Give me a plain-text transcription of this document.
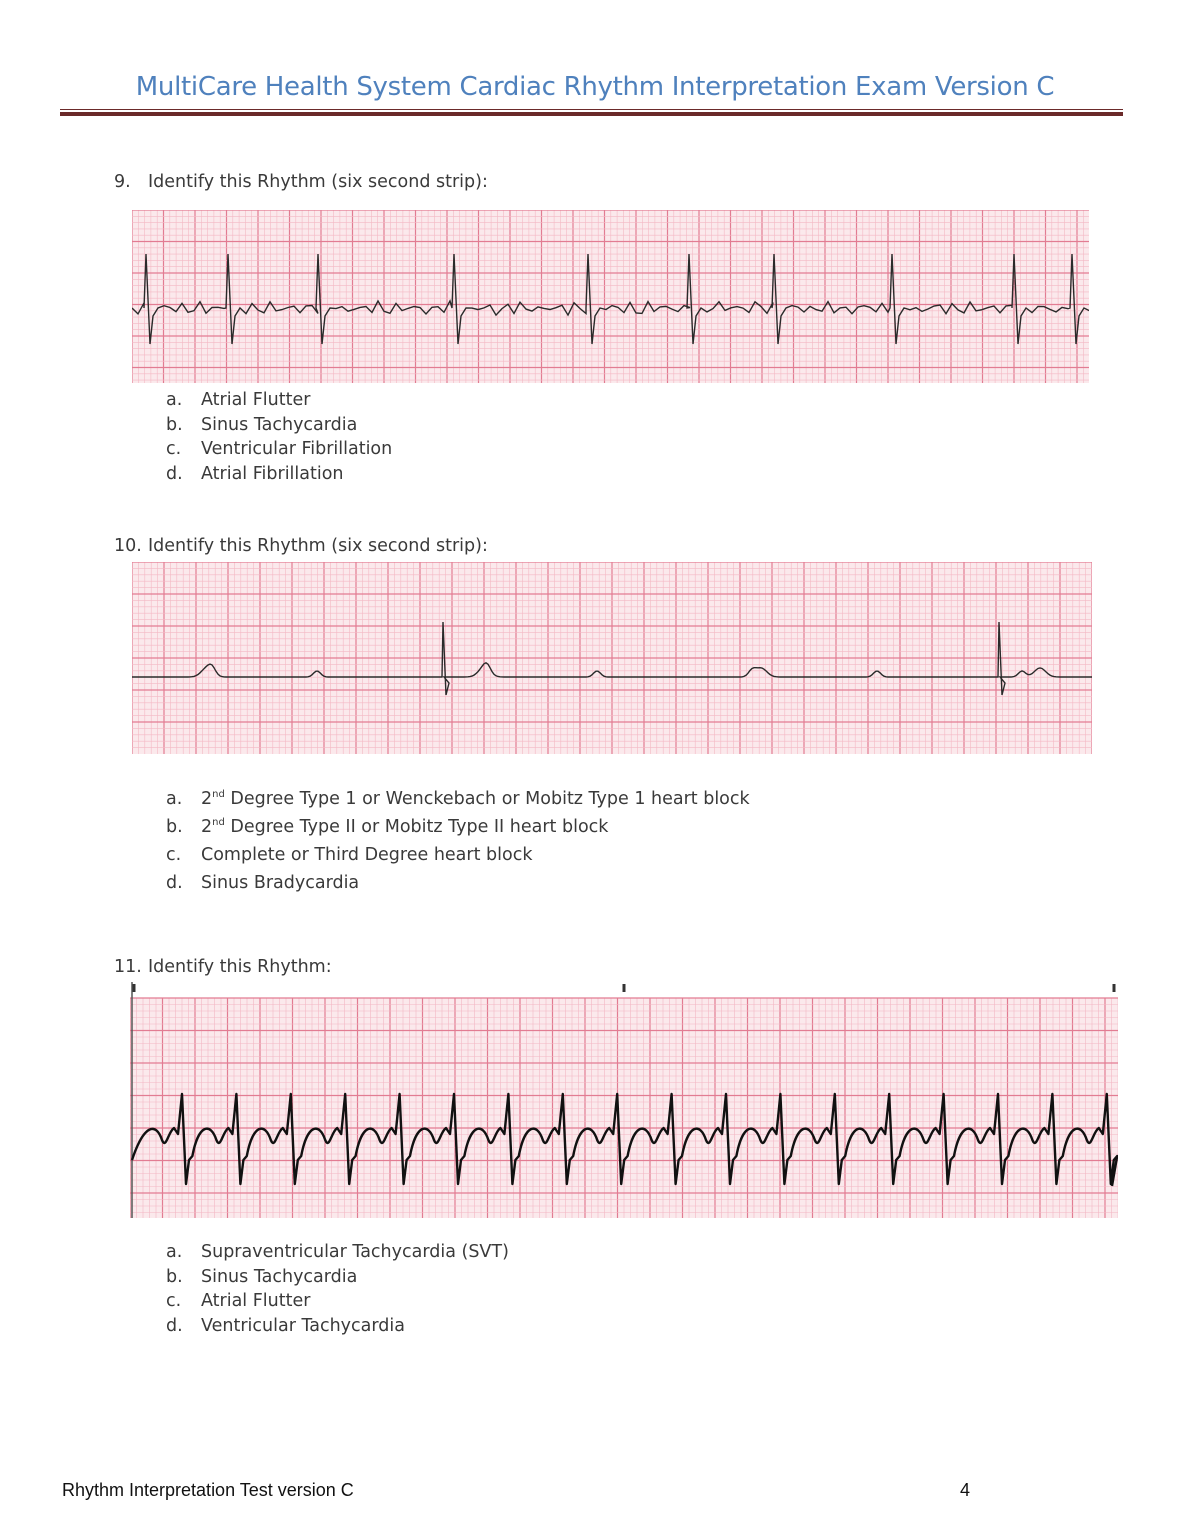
MultiCare Health System Cardiac Rhythm Interpretation Exam Version C
9. Identify this Rhythm (six second strip):
a. Atrial Flutter
b. Sinus Tachycardia
c. Ventricular Fibrillation
d. Atrial Fibrillation
10. Identify this Rhythm (six second strip):
a. 2nd Degree Type 1 or Wenckebach or Mobitz Type 1 heart block
b. 2nd Degree Type II or Mobitz Type II heart block
c. Complete or Third Degree heart block
d. Sinus Bradycardia
11. Identify this Rhythm:
a. Supraventricular Tachycardia (SVT)
b. Sinus Tachycardia
c. Atrial Flutter
d. Ventricular Tachycardia
Rhythm Interpretation Test version C	4
